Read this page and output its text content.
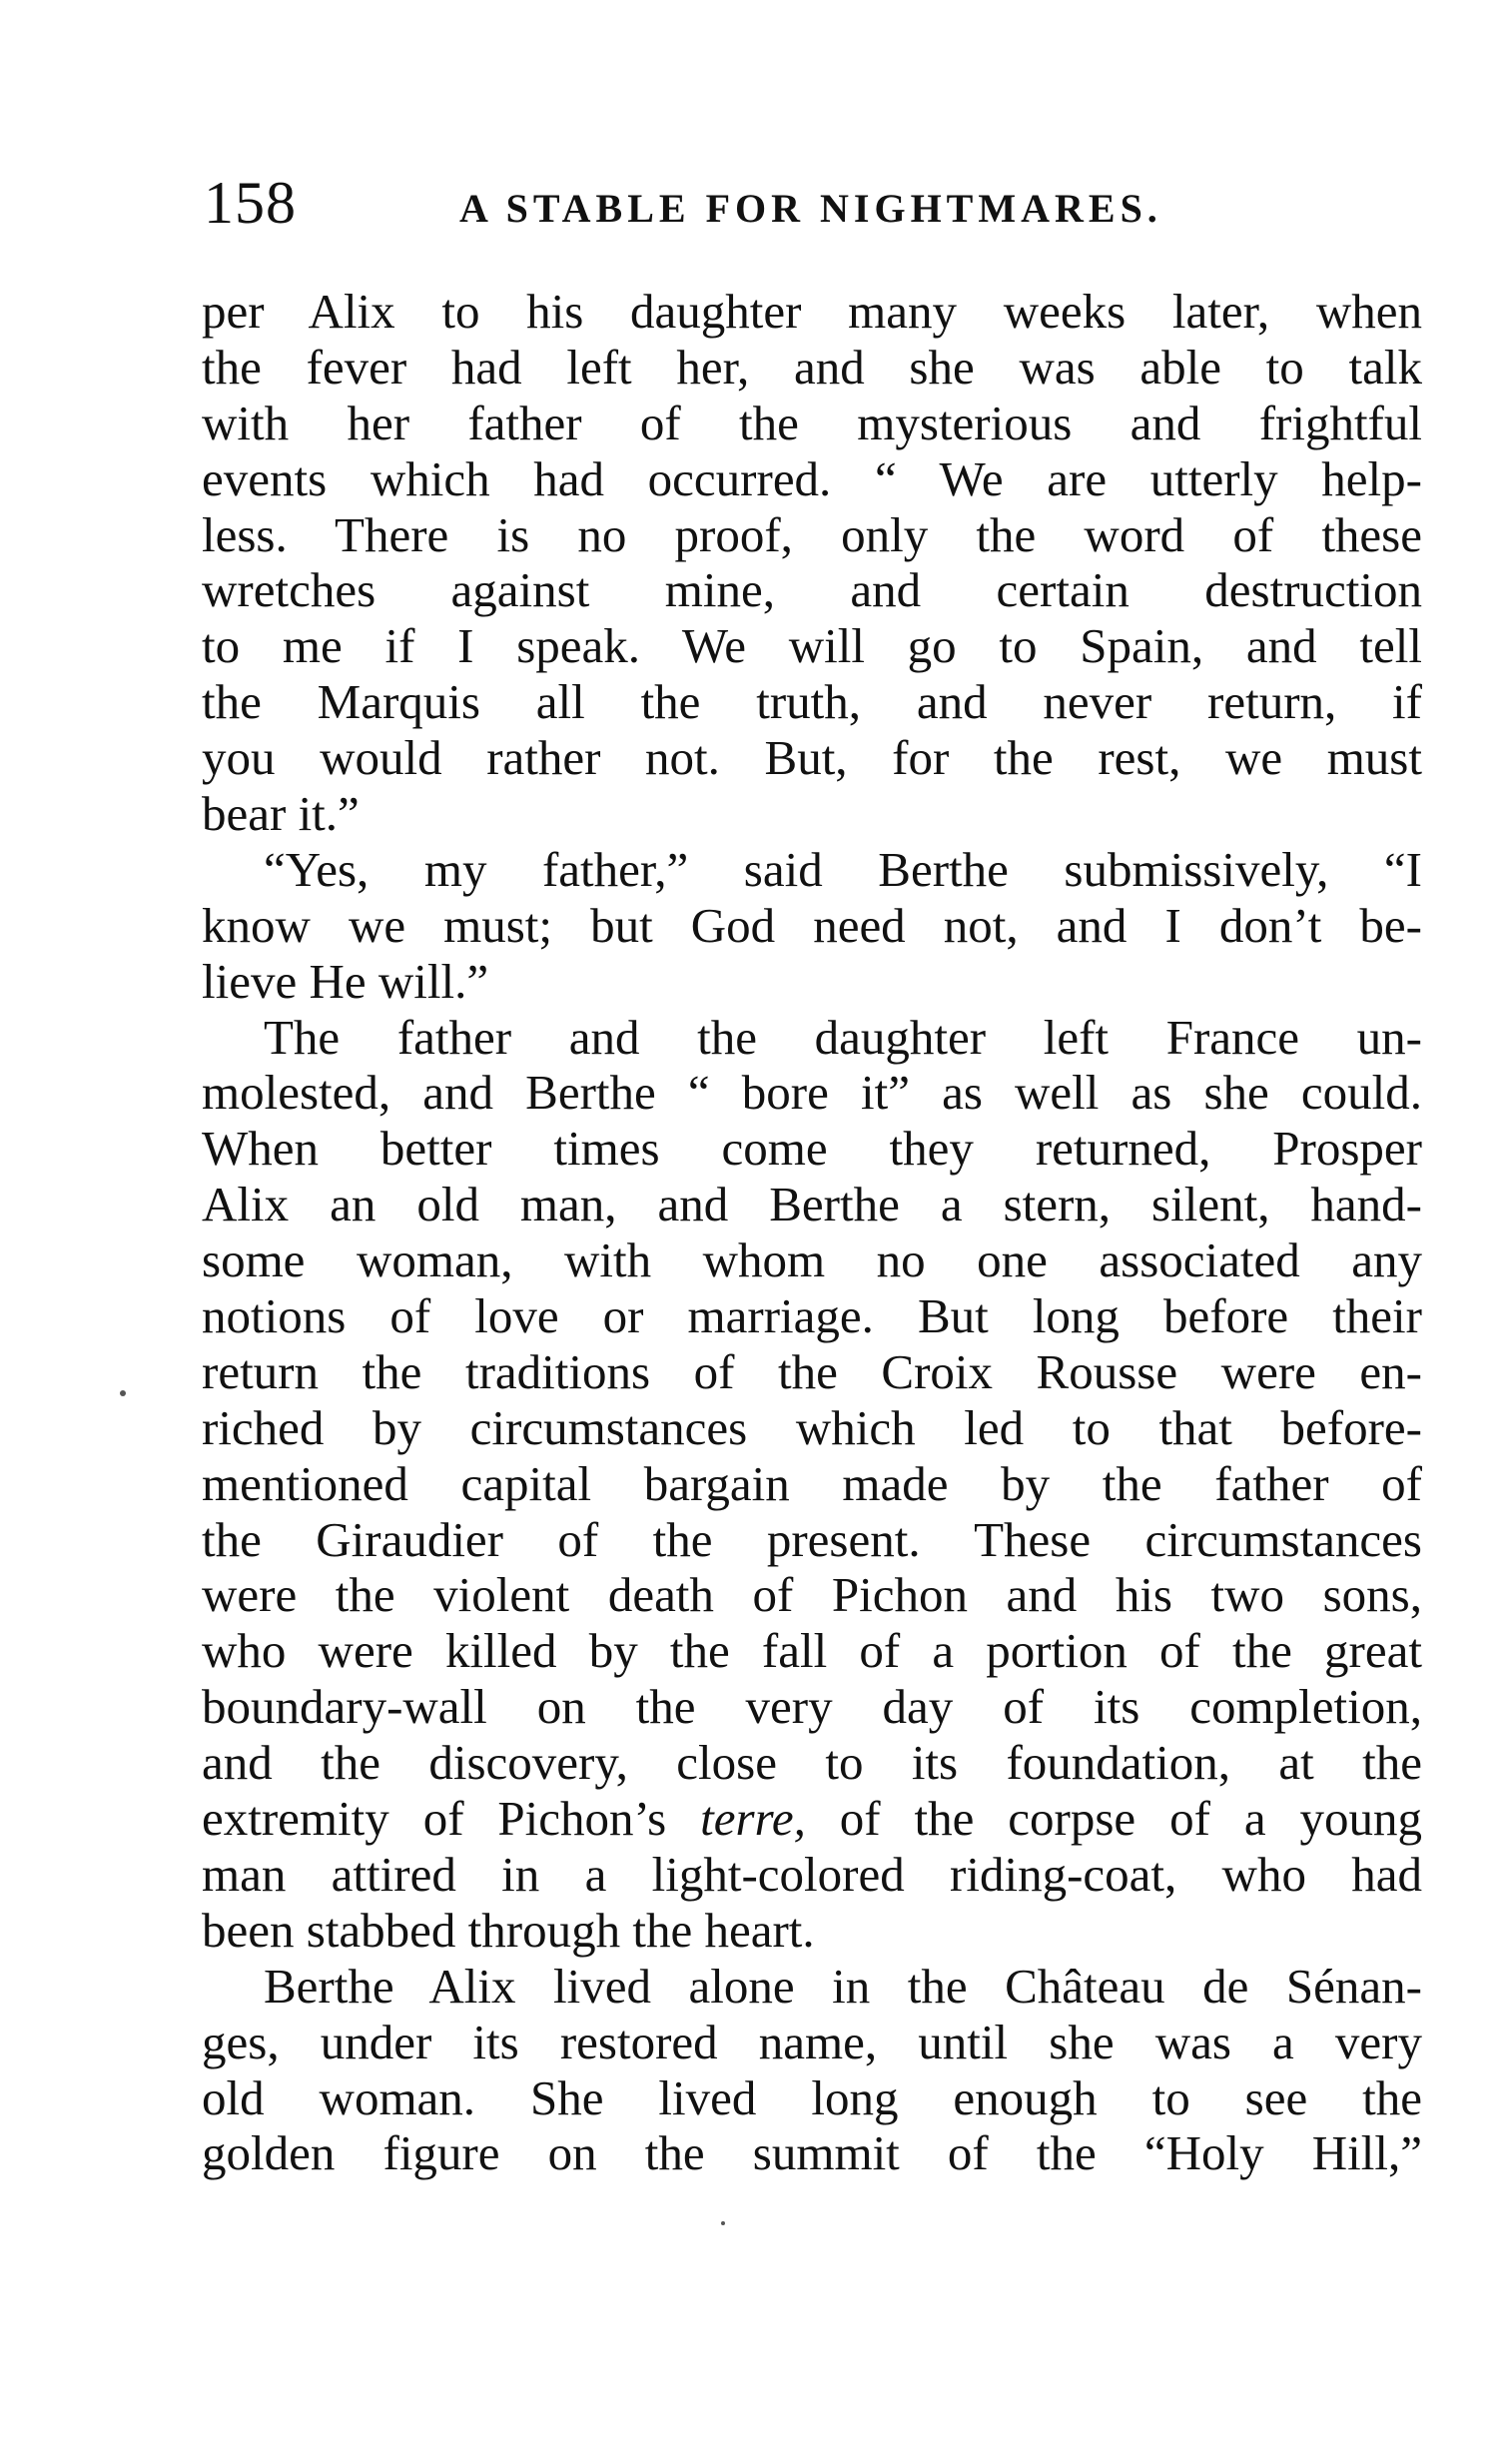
158	A STABLE FOR NIGHTMARES.
per Alix to his daughter many weeks later, when
the fever had left her, and she was able to talk
with her father of the mysterious and frightful
events which had occurred. “ We are utterly help-
less. There is no proof, only the word of these
wretches against mine, and certain destruction
to me if I speak. We will go to Spain, and tell
the Marquis all the truth, and never return, if
you would rather not. But, for the rest, we must
bear it.”
“Yes, my father,” said Berthe submissively, “I
know we must; but God need not, and I don’t be-
lieve He will.”
The father and the daughter left France un-
molested, and Berthe “ bore it” as well as she could.
When better times come they returned, Prosper
Alix an old man, and Berthe a stern, silent, hand-
some woman, with whom no one associated any
notions of love or marriage. But long before their
return the traditions of the Croix Rousse were en-
riched by circumstances which led to that before-
mentioned capital bargain made by the father of
the Giraudier of the present. These circumstances
were the violent death of Pichon and his two sons,
who were killed by the fall of a portion of the great
boundary-wall on the very day of its completion,
and the discovery, close to its foundation, at the
extremity of Pichon’s terre, of the corpse of a young
man attired in a light-colored riding-coat, who had
been stabbed through the heart.
Berthe Alix lived alone in the Château de Sénan-
ges, under its restored name, until she was a very
old woman. She lived long enough to see the
golden figure on the summit of the “Holy Hill,”
